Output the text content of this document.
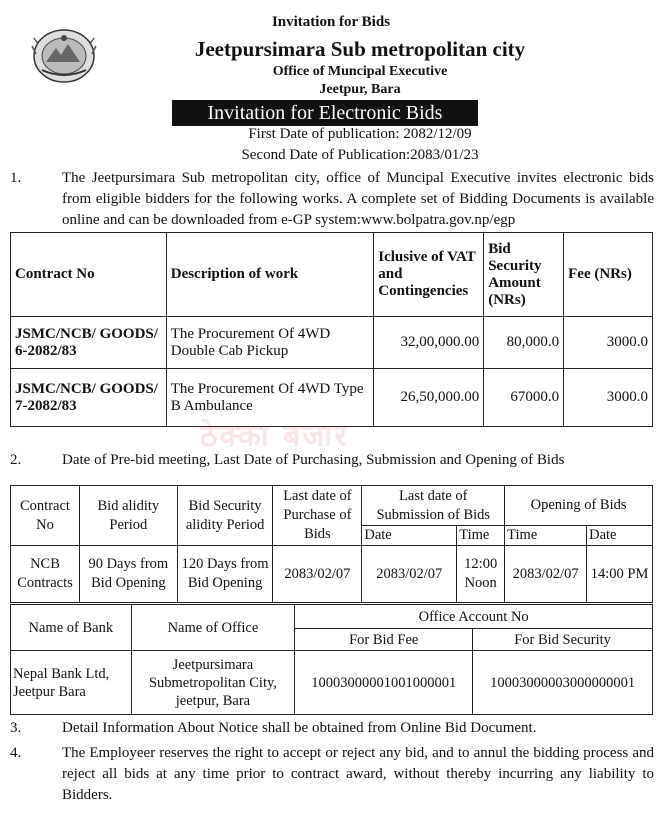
Invitation for Bids
Jeetpursimara Sub metropolitan city
Office of Muncipal Executive
Jeetpur, Bara
Invitation for Electronic Bids
First Date of publication: 2082/12/09
Second Date of Publication:2083/01/23
1.	The Jeetpursimara Sub metropolitan city, office of Muncipal Executive invites electronic bids from eligible bidders for the following works. A complete set of Bidding Documents is available online and can be downloaded from e-GP system:www.bolpatra.gov.np/egp
Contract No	Description of work	Iclusive of VAT and Contingencies	Bid Security Amount (NRs)	Fee (NRs)
JSMC/NCB/ GOODS/ 6-2082/83	The Procurement Of 4WD Double Cab Pickup	32,00,000.00	80,000.0	3000.0
JSMC/NCB/ GOODS/ 7-2082/83	The Procurement Of 4WD Type B Ambulance	26,50,000.00	67000.0	3000.0
ठेक्का बजार
2.	Date of Pre-bid meeting, Last Date of Purchasing, Submission and Opening of Bids
Contract No	Bid alidity Period	Bid Security alidity Period	Last date of Purchase of Bids	Last date of Submission of Bids		Opening of Bids	
				Date	Time	Time	Date
NCB Contracts	90 Days from Bid Opening	120 Days from Bid Opening	2083/02/07	2083/02/07	12:00 Noon	2083/02/07	14:00 PM
Name of Bank	Name of Office	Office Account No	
		For Bid Fee	For Bid Security
Nepal Bank Ltd, Jeetpur Bara	Jeetpursimara Submetropolitan City, jeetpur, Bara	10003000001001000001	10003000003000000001
3.	Detail Information About Notice shall be obtained from Online Bid Document.
4.	The Employeer reserves the right to accept or reject any bid, and to annul the bidding process and reject all bids at any time prior to contract award, without thereby incurring any liability to Bidders.
